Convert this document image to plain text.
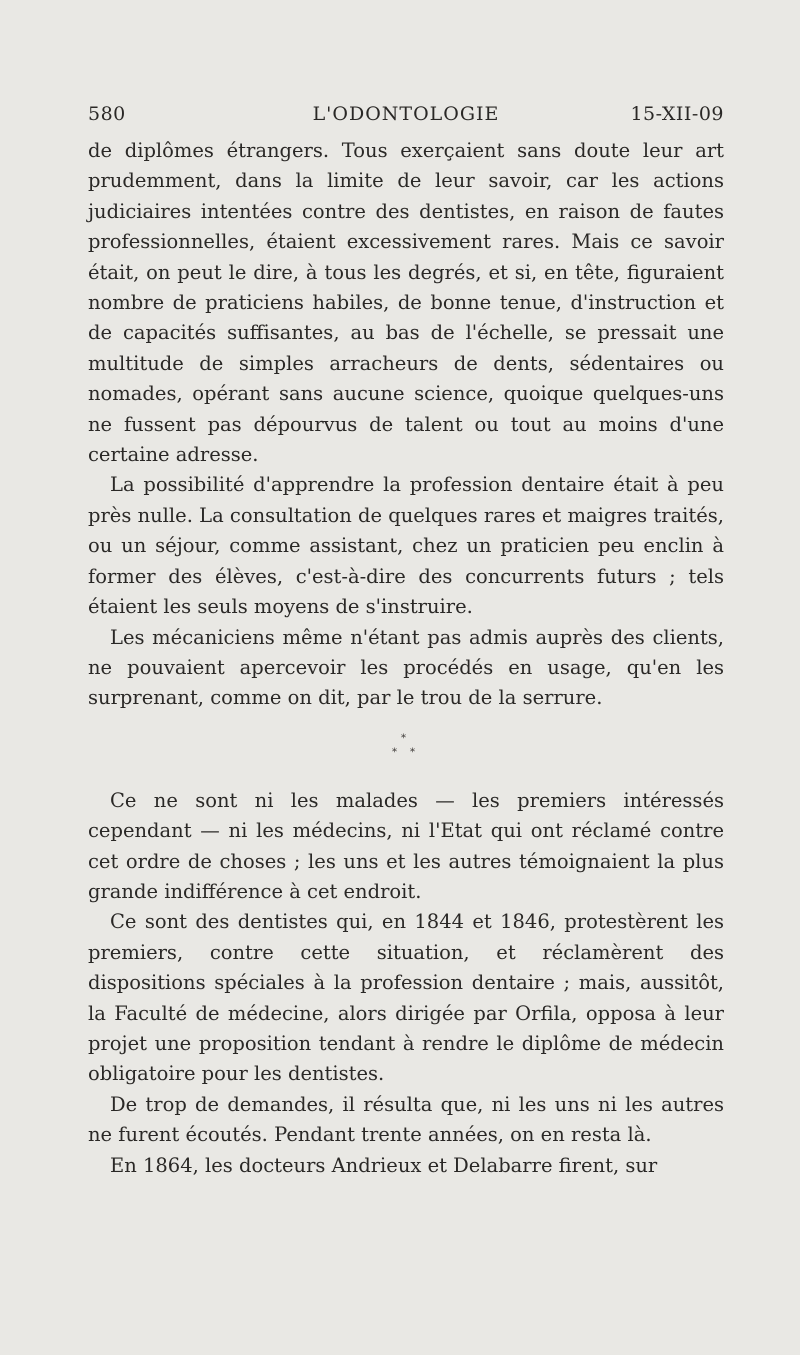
580	L'ODONTOLOGIE	15-XII-09

de diplômes étrangers. Tous exerçaient sans doute leur art prudemment, dans la limite de leur savoir, car les actions judiciaires intentées contre des dentistes, en raison de fautes professionnelles, étaient excessivement rares. Mais ce savoir était, on peut le dire, à tous les degrés, et si, en tête, figuraient nombre de praticiens habiles, de bonne tenue, d'instruction et de capacités suffisantes, au bas de l'échelle, se pressait une multitude de simples arracheurs de dents, sédentaires ou nomades, opérant sans aucune science, quoique quelques-uns ne fussent pas dépourvus de talent ou tout au moins d'une certaine adresse.

La possibilité d'apprendre la profession dentaire était à peu près nulle. La consultation de quelques rares et maigres traités, ou un séjour, comme assistant, chez un praticien peu enclin à former des élèves, c'est-à-dire des concurrents futurs ; tels étaient les seuls moyens de s'instruire.

Les mécaniciens même n'étant pas admis auprès des clients, ne pouvaient apercevoir les procédés en usage, qu'en les surprenant, comme on dit, par le trou de la serrure.

*
* *

Ce ne sont ni les malades — les premiers intéressés cependant — ni les médecins, ni l'Etat qui ont réclamé contre cet ordre de choses ; les uns et les autres témoignaient la plus grande indifférence à cet endroit.

Ce sont des dentistes qui, en 1844 et 1846, protestèrent les premiers, contre cette situation, et réclamèrent des dispositions spéciales à la profession dentaire ; mais, aussitôt, la Faculté de médecine, alors dirigée par Orfila, opposa à leur projet une proposition tendant à rendre le diplôme de médecin obligatoire pour les dentistes.

De trop de demandes, il résulta que, ni les uns ni les autres ne furent écoutés. Pendant trente années, on en resta là.

En 1864, les docteurs Andrieux et Delabarre firent, sur
